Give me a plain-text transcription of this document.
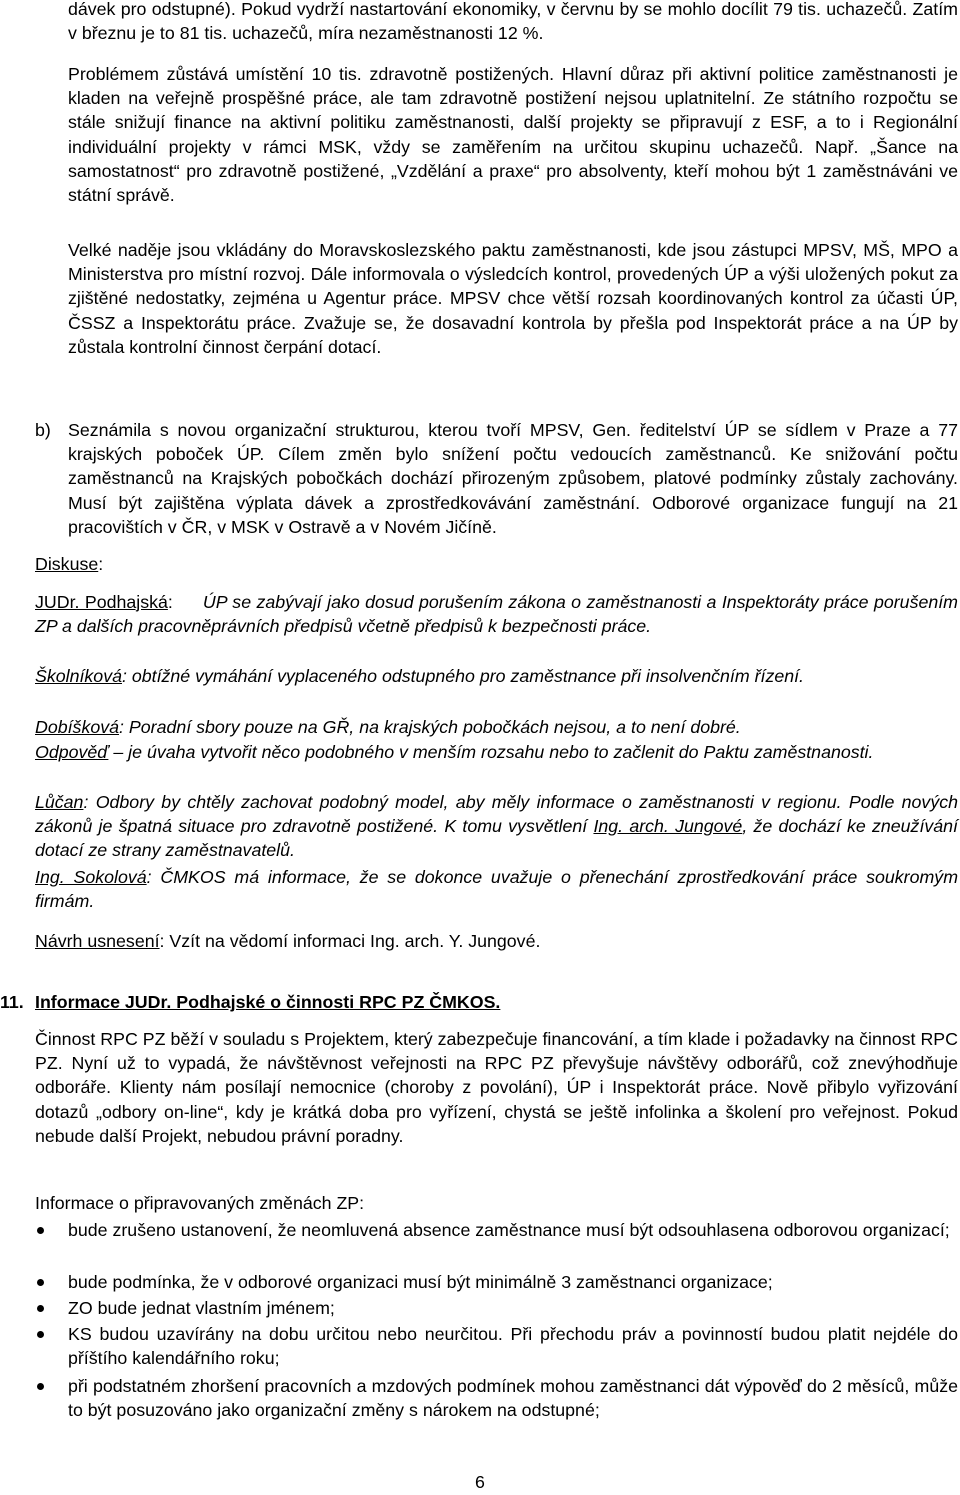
dávek pro odstupné). Pokud vydrží nastartování ekonomiky, v červnu by se mohlo docílit 79 tis. uchazečů. Zatím v březnu je to 81 tis. uchazečů, míra nezaměstnanosti 12 %.

Problémem zůstává umístění 10 tis. zdravotně postižených. Hlavní důraz při aktivní politice zaměstnanosti je kladen na veřejně prospěšné práce, ale tam zdravotně postižení nejsou uplatnitelní. Ze státního rozpočtu se stále snižují finance na aktivní politiku zaměstnanosti, další projekty se připravují z ESF, a to i Regionální individuální projekty v rámci MSK, vždy se zaměřením na určitou skupinu uchazečů. Např. „Šance na samostatnost“ pro zdravotně postižené, „Vzdělání a praxe“ pro absolventy, kteří mohou být 1 zaměstnáváni ve státní správě.

Velké naděje jsou vkládány do Moravskoslezského paktu zaměstnanosti, kde jsou zástupci MPSV, MŠ, MPO a Ministerstva pro místní rozvoj. Dále informovala o výsledcích kontrol, provedených ÚP a výši uložených pokut za zjištěné nedostatky, zejména u Agentur práce. MPSV chce větší rozsah koordinovaných kontrol za účasti ÚP, ČSSZ a Inspektorátu práce. Zvažuje se, že dosavadní kontrola by přešla pod Inspektorát práce a na ÚP by zůstala kontrolní činnost čerpání dotací.

b) Seznámila s novou organizační strukturou, kterou tvoří MPSV, Gen. ředitelství ÚP se sídlem v Praze a 77 krajských poboček ÚP. Cílem změn bylo snížení počtu vedoucích zaměstnanců. Ke snižování počtu zaměstnanců na Krajských pobočkách dochází přirozeným způsobem, platové podmínky zůstaly zachovány. Musí být zajištěna výplata dávek a zprostředkovávání zaměstnání. Odborové organizace fungují na 21 pracovištích v ČR, v MSK v Ostravě a v Novém Jičíně.

Diskuse:

JUDr. Podhajská: ÚP se zabývají jako dosud porušením zákona o zaměstnanosti a Inspektoráty práce porušením ZP a dalších pracovněprávních předpisů včetně předpisů k bezpečnosti práce.

Školníková: obtížné vymáhání vyplaceného odstupného pro zaměstnance při insolvenčním řízení.

Dobíšková: Poradní sbory pouze na GŘ, na krajských pobočkách nejsou, a to není dobré.

Odpověď – je úvaha vytvořit něco podobného v menším rozsahu nebo to začlenit do Paktu zaměstnanosti.

Lůčan: Odbory by chtěly zachovat podobný model, aby měly informace o zaměstnanosti v regionu. Podle nových zákonů je špatná situace pro zdravotně postižené. K tomu vysvětlení Ing. arch. Jungové, že dochází ke zneužívání dotací ze strany zaměstnavatelů.

Ing. Sokolová: ČMKOS má informace, že se dokonce uvažuje o přenechání zprostředkování práce soukromým firmám.

Návrh usnesení: Vzít na vědomí informaci Ing. arch. Y. Jungové.

11. Informace JUDr. Podhajské o činnosti RPC PZ ČMKOS.

Činnost RPC PZ běží v souladu s Projektem, který zabezpečuje financování, a tím klade i požadavky na činnost RPC PZ. Nyní už to vypadá, že návštěvnost veřejnosti na RPC PZ převyšuje návštěvy odborářů, což znevýhodňuje odboráře. Klienty nám posílají nemocnice (choroby z povolání), ÚP i Inspektorát práce. Nově přibylo vyřizování dotazů „odbory on-line“, kdy je krátká doba pro vyřízení, chystá se ještě infolinka a školení pro veřejnost. Pokud nebude další Projekt, nebudou právní poradny.

Informace o připravovaných změnách ZP:

bude zrušeno ustanovení, že neomluvená absence zaměstnance musí být odsouhlasena odborovou organizací;
bude podmínka, že v odborové organizaci musí být minimálně 3 zaměstnanci organizace;
ZO bude jednat vlastním jménem;
KS budou uzavírány na dobu určitou nebo neurčitou. Při přechodu práv a povinností budou platit nejdéle do příštího kalendářního roku;
při podstatném zhoršení pracovních a mzdových podmínek mohou zaměstnanci dát výpověď do 2 měsíců, může to být posuzováno jako organizační změny s nárokem na odstupné;
6
